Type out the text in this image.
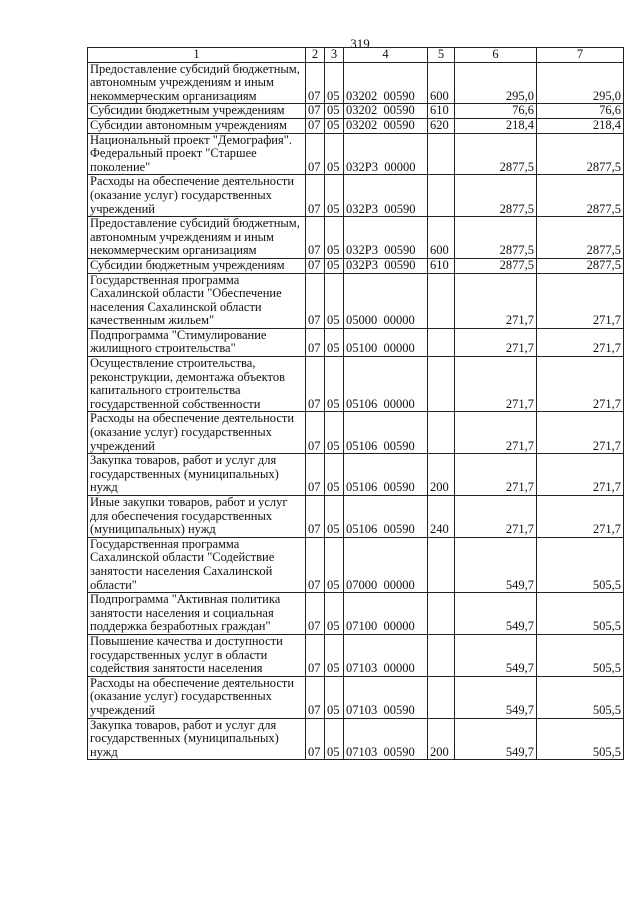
319
1	2	3	4	5	6	7
Предоставление субсидий бюджетным, автономным учреждениям и иным некоммерческим организациям	07	05	03202  00590	600	295,0	295,0
Субсидии бюджетным учреждениям	07	05	03202  00590	610	76,6	76,6
Субсидии автономным учреждениям	07	05	03202  00590	620	218,4	218,4
Национальный проект "Демография". Федеральный проект "Старшее поколение"	07	05	032Р3  00000		2877,5	2877,5
Расходы на обеспечение деятельности (оказание услуг) государственных учреждений	07	05	032Р3  00590		2877,5	2877,5
Предоставление субсидий бюджетным, автономным учреждениям и иным некоммерческим организациям	07	05	032Р3  00590	600	2877,5	2877,5
Субсидии бюджетным учреждениям	07	05	032Р3  00590	610	2877,5	2877,5
Государственная программа Сахалинской области "Обеспечение населения Сахалинской области качественным жильем"	07	05	05000  00000		271,7	271,7
Подпрограмма "Стимулирование жилищного строительства"	07	05	05100  00000		271,7	271,7
Осуществление строительства, реконструкции, демонтажа объектов капитального строительства государственной собственности	07	05	05106  00000		271,7	271,7
Расходы на обеспечение деятельности (оказание услуг) государственных учреждений	07	05	05106  00590		271,7	271,7
Закупка товаров, работ и услуг для государственных (муниципальных) нужд	07	05	05106  00590	200	271,7	271,7
Иные закупки товаров, работ и услуг для обеспечения государственных (муниципальных) нужд	07	05	05106  00590	240	271,7	271,7
Государственная программа Сахалинской области "Содействие занятости населения Сахалинской области"	07	05	07000  00000		549,7	505,5
Подпрограмма "Активная политика занятости населения и социальная поддержка безработных граждан"	07	05	07100  00000		549,7	505,5
Повышение качества и доступности государственных услуг в области содействия занятости населения	07	05	07103  00000		549,7	505,5
Расходы на обеспечение деятельности (оказание услуг) государственных учреждений	07	05	07103  00590		549,7	505,5
Закупка товаров, работ и услуг для государственных (муниципальных) нужд	07	05	07103  00590	200	549,7	505,5
